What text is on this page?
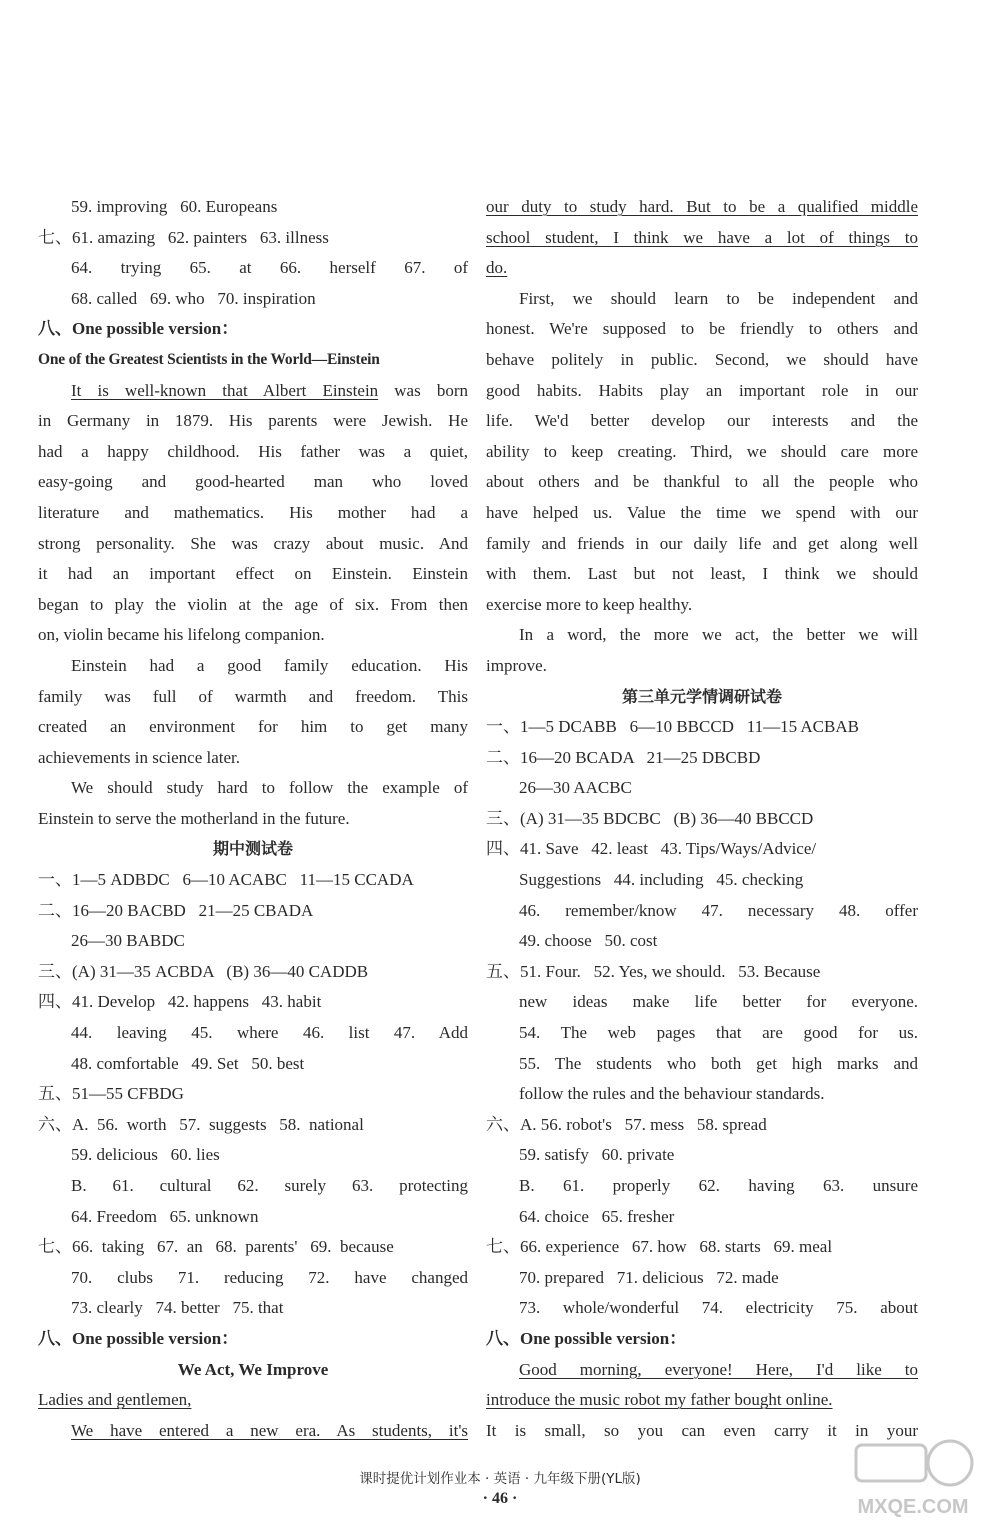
59. improving   60. Europeans
七、61. amazing   62. painters   63. illness
64. trying 65. at 66. herself 67. of
68. called   69. who   70. inspiration
八、One possible version：
One of the Greatest Scientists in the World—Einstein
It is well-known that Albert Einstein was born
in Germany in 1879. His parents were Jewish. He
had a happy childhood. His father was a quiet,
easy-going and good-hearted man who loved
literature and mathematics. His mother had a
strong personality. She was crazy about music. And
it had an important effect on Einstein. Einstein
began to play the violin at the age of six. From then
on, violin became his lifelong companion.
Einstein had a good family education. His
family was full of warmth and freedom. This
created an environment for him to get many
achievements in science later.
We should study hard to follow the example of
Einstein to serve the motherland in the future.
期中测试卷
一、1—5 ADBDC   6—10 ACABC   11—15 CCADA
二、16—20 BACBD   21—25 CBADA
26—30 BABDC
三、(A) 31—35 ACBDA   (B) 36—40 CADDB
四、41. Develop   42. happens   43. habit
44. leaving 45. where 46. list 47. Add
48. comfortable   49. Set   50. best
五、51—55 CFBDG
六、A.  56.  worth   57.  suggests   58.  national
59. delicious   60. lies
B. 61. cultural 62. surely 63. protecting
64. Freedom   65. unknown
七、66.  taking   67.  an   68.  parents'   69.  because
70. clubs 71. reducing 72. have changed
73. clearly   74. better   75. that
八、One possible version：
We Act, We Improve
Ladies and gentlemen,
We have entered a new era. As students, it's
our duty to study hard. But to be a qualified middle
school student, I think we have a lot of things to
do.
First, we should learn to be independent and
honest. We're supposed to be friendly to others and
behave politely in public. Second, we should have
good habits. Habits play an important role in our
life. We'd better develop our interests and the
ability to keep creating. Third, we should care more
about others and be thankful to all the people who
have helped us. Value the time we spend with our
family and friends in our daily life and get along well
with them. Last but not least, I think we should
exercise more to keep healthy.
In a word, the more we act, the better we will
improve.
第三单元学情调研试卷
一、1—5 DCABB   6—10 BBCCD   11—15 ACBAB
二、16—20 BCADA   21—25 DBCBD
26—30 AACBC
三、(A) 31—35 BDCBC   (B) 36—40 BBCCD
四、41. Save   42. least   43. Tips/Ways/Advice/
Suggestions   44. including   45. checking
46. remember/know 47. necessary 48. offer
49. choose   50. cost
五、51. Four.   52. Yes, we should.   53. Because
new ideas make life better for everyone.
54. The web pages that are good for us.
55. The students who both get high marks and
follow the rules and the behaviour standards.
六、A. 56. robot's   57. mess   58. spread
59. satisfy   60. private
B. 61. properly 62. having 63. unsure
64. choice   65. fresher
七、66. experience   67. how   68. starts   69. meal
70. prepared   71. delicious   72. made
73. whole/wonderful 74. electricity 75. about
八、One possible version：
Good morning, everyone! Here, I'd like to
introduce the music robot my father bought online.
It is small, so you can even carry it in your
课时提优计划作业本 · 英语 · 九年级下册(YL版)
· 46 ·	MXQE.COM
